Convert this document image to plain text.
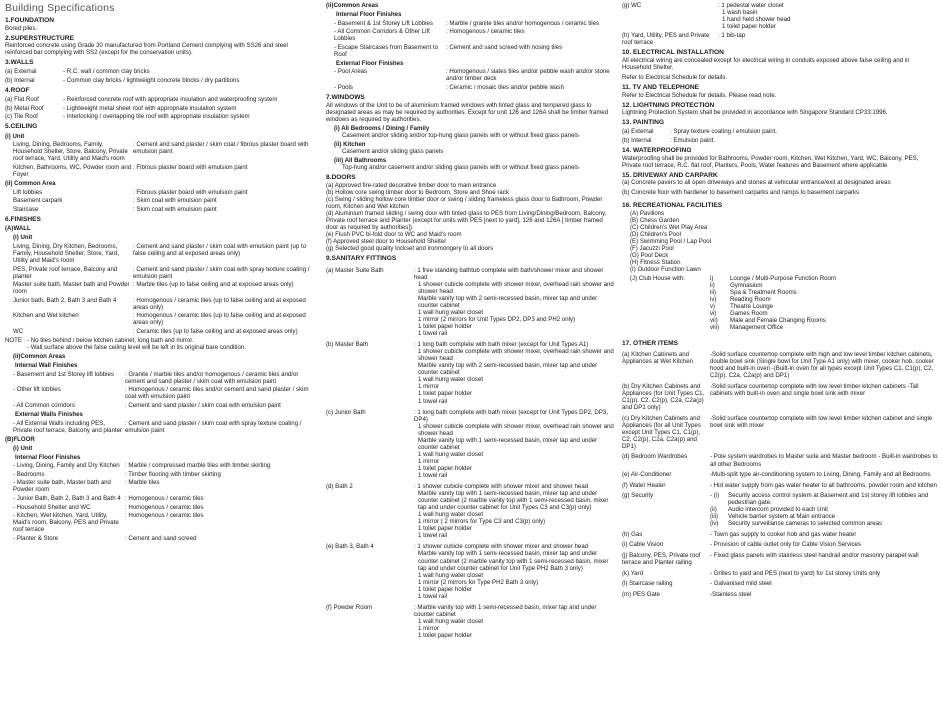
Building Specifications
1.FOUNDATION
Bored piles.
2.SUPERSTRUCTURE
Reinforced concrete using Grade 30 manufactured from Portland Cement complying with SS26 and steel reinforced bar complying with SS2 (except for the conservation units).
3.WALLS
(a) External	- R.C. wall / common clay bricks
(b) Internal	- Common clay bricks / lightweight concrete blocks / dry partitions
4.ROOF
(a) Flat Roof	- Reinforced concrete roof with appropriate insulation and waterproofing system
(b) Metal Roof	- Lightweight metal sheet roof with appropriate insulation system
(c) Tile Roof	- Interlocking / overlapping tile roof with appropriate insulation system
5.CEILING
(i) Unit
Living, Dining, Bedrooms, Family, Household Shelter, Store, Balcony, Private roof terrace, Yard, Utility and Maid's room
: Cement and sand plaster / skim coat / fibrous plaster board with emulsion paint
Kitchen, Bathrooms, WC, Powder room and Foyer
: Fibrous plaster board with emulsion paint
(ii) Common Area
Lift lobbies	: Fibrous plaster board with emulsion paint
Basement carpark	: Skim coat with emulsion paint
Staircase	: Skim coat with emulsion paint
6.FINISHES
(A)WALL
(i) Unit
Living, Dining, Dry Kitchen, Bedrooms, Family, Household Shelter, Store, Yard, Utility and Maid's room
: Cement and sand plaster / skim coat with emulsion paint (up to false ceiling and at exposed areas only)
PES, Private roof terrace, Balcony and planter
: Cement and sand plaster / skim coat with spray texture coating / emulsion paint
Master suite bath, Master bath and Powder room
: Marble tiles (up to false ceiling and at exposed areas only)
Junior bath, Bath 2, Bath 3 and Bath 4	: Homogenous / ceramic tiles (up to false ceiling and at exposed areas only)
Kitchen and Wet kitchen	: Homogenous / ceramic tiles (up to false ceiling and at exposed areas only)
WC	: Ceramic tiles (up to false ceiling and at exposed areas only)
NOTE - No tiles behind / below kitchen cabinet, long bath and mirror.
- Wall surface above the false ceiling level will be left in its original bare condition.
(ii)Common Areas
Internal Wall Finishes
- Basement and 1st Storey lift lobbies	: Granite / marble tiles and/or homogenous / ceramic tiles and/or cement and sand plaster / skim coat with emulsion paint
- Other lift lobbies	: Homogenous / ceramic tiles and/or cement and sand plaster / skim coat with emulsion paint
- All Common corridors	: Cement and sand plaster / skim coat with emulsion paint
External Walls Finishes
- All External Walls including PES, Private roof terrace, Balcony and planter
: Cement and sand plaster / skim coat with spray texture coating / emulsion paint
(B)FLOOR
(i) Unit
Internal Floor Finishes
- Living, Dining, Family and Dry Kitchen : Marble / compressed marble tiles with timber skirting
- Bedrooms	: Timber flooring with timber skirting
- Master suite bath, Master bath and Powder room
: Marble tiles
- Junior Bath, Bath 2, Bath 3 and Bath 4 : Homogenous / ceramic tiles
- Household Shelter and WC	: Homogenous / ceramic tiles
- Kitchen, Wet kitchen, Yard, Utility, Maid's room, Balcony, PES and Private roof terrace
: Homogenous / ceramic tiles
- Planter & Store	: Cement and sand screed
(ii)Common Areas
Internal Floor Finishes
- Basement & 1st Storey Lift Lobbies	: Marble / granite tiles and/or homogenous / ceramic tiles
- All Common Corridors & Other Lift Lobbies
: Homogenous / ceramic tiles
- Escape Staircases from Basement to Roof
: Cement and sand screed with nosing tiles
External Floor Finishes
- Pool Areas	: Homogenous / slates tiles and/or pebble wash and/or stone and/or timber deck
- Pools	: Ceramic / mosaic tiles and/or pebble wash
7.WINDOWS
All windows of the Unit to be of aluminium framed windows with tinted glass and tempered glass to designated areas as may be required by authorities. Except for unit 126 and 126A shall be timber framed windows as required by authorities.
(i) All Bedrooms / Dining / Family
Casement and/or sliding and/or top-hung glass panels with or without fixed glass panels
(ii) Kitchen
Casement and/or sliding glass panels
(iii) All Bathrooms
Top-hung and/or casement and/or sliding glass panels with or without fixed glass panels
8.DOORS
(a) Approved fire-rated decorative timber door to main entrance
(b) Hollow core swing timber door to Bedroom, Store and Shoe rack
(c) Swing / sliding hollow core timber door or swing / sliding frameless glass door to Bathroom, Powder room, Kitchen and Wet kitchen
(d) Aluminium framed sliding / swing door with tinted glass to PES from Living/Dining/Bedroom, Balcony, Private roof terrace and Planter (except for units with PES [next to yard], 126 and 126A [ timber framed door as required by authorities])
(e) Flush PVC bi-fold door to WC and Maid's room
(f) Approved steel door to Household Shelter
(g) Selected good quality lockset and ironmongery to all doors
9.SANITARY FITTINGS
(a) Master Suite Bath	: 1 free standing bathtub complete with bath/shower mixer and shower head
1 shower cubicle complete with shower mixer, overhead rain shower and shower head
Marble vanity top with 2 semi-recessed basin, mixer tap and under counter cabinet
1 wall hung water closet
1 mirror (2 mirrors for Unit Types DP2, DP3 and PH2 only)
1 toilet paper holder
1 towel rail
(b) Master Bath	: 1 long bath complete with bath mixer (except for Unit Types A1)
1 shower cubicle complete with shower mixer, overhead rain shower and shower head
Marble vanity top with 2 semi-recessed basin, mixer tap and under counter cabinet
1 wall hung water closet
1 mirror
1 toilet paper holder
1 towel rail
(c) Junior Bath	: 1 long bath complete with bath mixer (except for Unit Types DP2, DP3, DP4)
1 shower cubicle complete with shower mixer, overhead rain shower and shower head
Marble vanity top with 1 semi-recessed basin, mixer tap and under counter cabinet
1 wall hung water closet
1 mirror
1 toilet paper holder
1 towel rail
(d) Bath 2	: 1 shower cubicle complete with shower mixer and shower head
Marble vanity top with 1 semi-recessed basin, mixer tap and under counter cabinet (2 marble vanity top with 1 semi-recessed basin, mixer tap and under counter cabinet for Unit Types C3 and C3(p) only)
1 wall hung water closet
1 mirror ( 2 mirrors for Type C3 and C3(p) only)
1 toilet paper holder
1 towel rail
(e) Bath 3, Bath 4	: 1 shower cubicle complete with shower mixer and shower head
Marble vanity top with 1 semi-recessed basin, mixer tap and under counter cabinet (2 marble vanity top with 1 semi-recessed basin, mixer tap and under counter cabinet for Unit Type PH2 Bath 3 only)
1 wall hung water closet
1 mirror (2 mirrors for Type PH2 Bath 3 only)
1 toilet paper holder
1 towel rail
(f) Powder Room	: Marble vanity top with 1 semi-recessed basin, mixer tap and under counter cabinet
1 wall hung water closet
1 mirror
1 toilet paper holder
(g) WC	: 1 pedestal water closet
1 wash basin
1 hand held shower head
1 toilet paper holder
(h) Yard, Utility, PES and Private roof terrace
: 1 bib-tap
10. ELECTRICAL INSTALLATION
All electrical wiring are concealed except for electrical wiring in conduits exposed above false ceiling and in Household Shelter.
Refer to Electrical Schedule for details.
11. TV AND TELEPHONE
Refer to Electrical Schedule for details. Please read note.
12. LIGHTNING PROTECTION
Lightning Protection System shall be provided in accordance with Singapore Standard CP33:1996.
13. PAINTING
(a) External	: Spray texture coating / emulsion paint.
(b) Internal	: Emulsion paint.
14. WATERPROOFING
Waterproofing shall be provided for Bathrooms, Powder room, Kitchen, Wet Kitchen, Yard, WC, Balcony, PES, Private roof terrace, R.C. flat roof, Planters, Pools, Water features and Basement where applicable
15. DRIVEWAY AND CARPARK
(a) Concrete pavers to all open driveways and stones at vehicular entrance/exit at designated areas
(b) Concrete floor with hardener to basement carparks and ramps to basement carparks
16. RECREATIONAL FACILITIES
(A) Pavilions
(B) Chess Garden
(C) Children's Wet Play Area
(D) Children's Pool
(E) Swimming Pool / Lap Pool
(F) Jacuzzi Pool
(G) Pool Deck
(H) Fitness Station
(I) Outdoor Function Lawn
(J) Club House with:	i)	Lounge / Multi-Purpose Function Room
ii)	Gymnasium
iii)	Spa & Treatment Rooms
iv)	Reading Room
v)	Theatre Lounge
vi)	Games Room
vii)	Male and Female Changing Rooms
viii)	Management Office
17. OTHER ITEMS
(a) Kitchen Cabinets and Appliances at Wet Kitchen
-Solid surface countertop complete with high and low level timber kitchen cabinets, double bowl sink (Single bowl for Unit Type A1 only) with mixer, cooker hob, cooker hood and built-in oven -(Built-in oven for all types except Unit Types C1, C1(p), C2, C2(p), C2a, C2a(p) and DP1)
(b) Dry Kitchen Cabinets and Appliances (for Unit Types C1, C1(p), C2, C2(p), C2a, C2a(p) and DP1 only)
-Solid surface countertop complete with low level timber kitchen cabinets -Tall cabinets with built-in oven and single bowl sink with mixer
(c) Dry Kitchen Cabinets and Appliances (for all Unit Types except Unit Types C1, C1(p), C2, C2(p), C2a, C2a(p) and DP1)
-Solid surface countertop complete with low level timber kitchen cabinet and single bowl sink with mixer
(d) Bedroom Wardrobes	- Pole system wardrobes to Master suite and Master bedroom - Built-in wardrobes to all other Bedrooms
(e) Air-Conditioner	-Multi-split type air-conditioning system to Living, Dining, Family and all Bedrooms
(f) Water Heater	- Hot water supply from gas water heater to all bathrooms, powder room and kitchen
(g) Security	- (i)	Security access control system at Basement and 1st storey lift lobbies and pedestrian gate.
(ii)	Audio intercom provided to each Unit
(iii)	Vehicle barrier system at Main entrance
(iv)	Security surveillance cameras to selected common areas
(h) Gas	- Town gas supply to cooker hob and gas water heater
(i) Cable Vision	- Provision of cable outlet only for Cable Vision Services
(j) Balcony, PES, Private roof terrace and Planter railing
- Fixed glass panels with stainless steel handrail and/or masonry parapet wall
(k) Yard	- Grilles to yard and PES (next to yard) for 1st storey Units only
(l) Staircase railing	- Galvanised mild steel
(m) PES Gate	-Stainless steel
